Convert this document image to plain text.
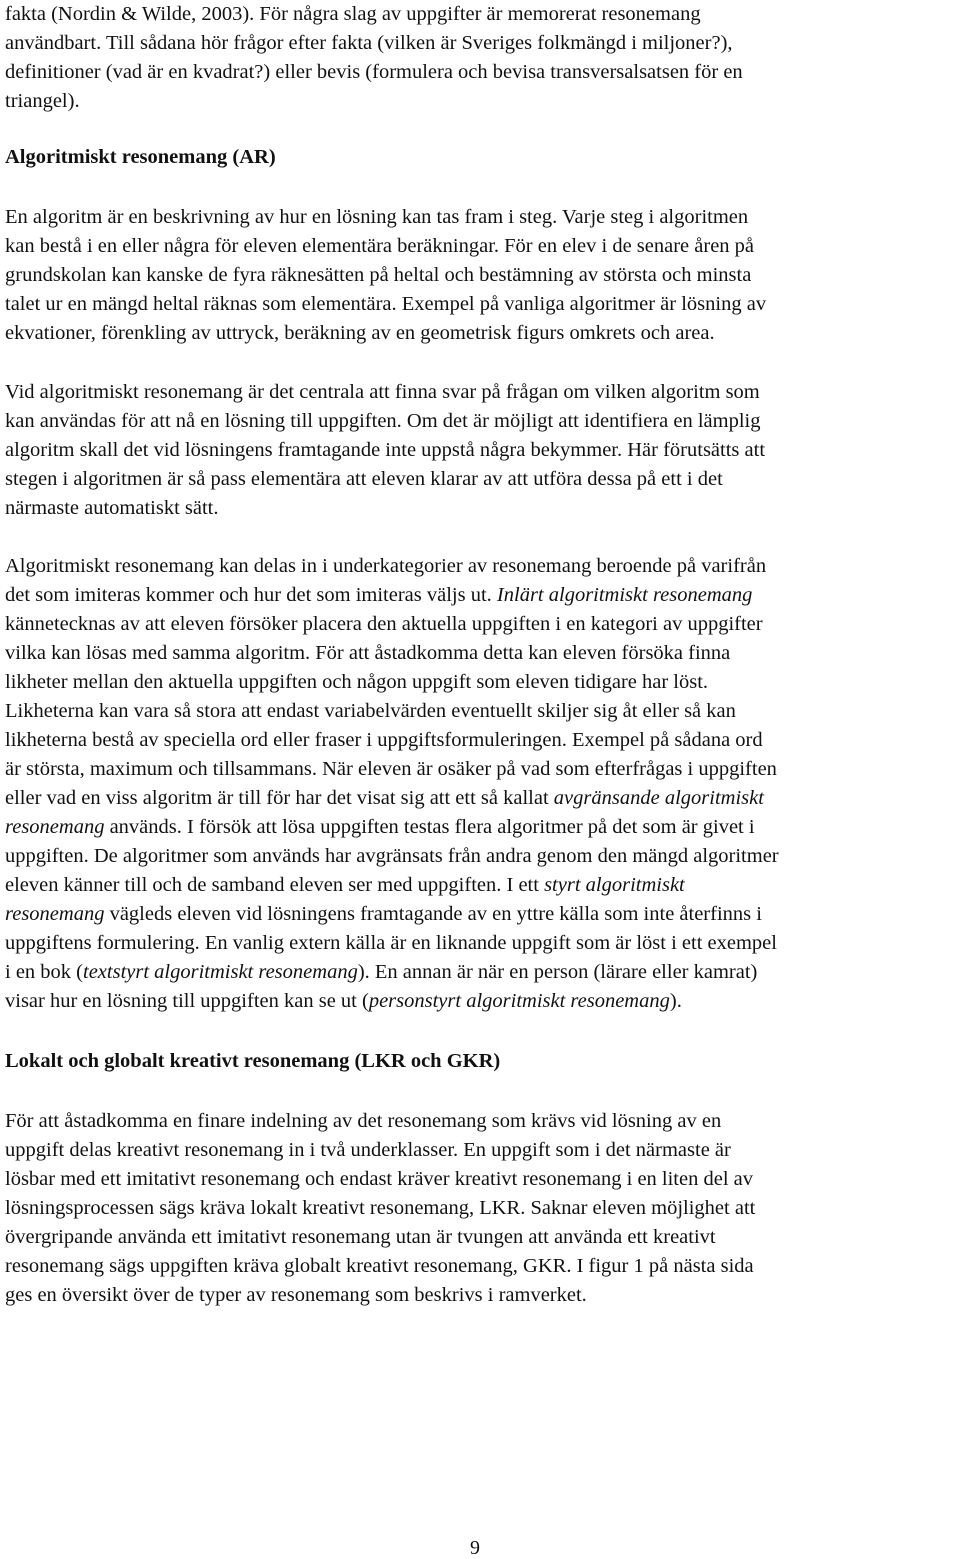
fakta (Nordin & Wilde, 2003). För några slag av uppgifter är memorerat resonemang
användbart. Till sådana hör frågor efter fakta (vilken är Sveriges folkmängd i miljoner?),
definitioner (vad är en kvadrat?) eller bevis (formulera och bevisa transversalsatsen för en
triangel).

Algoritmiskt resonemang (AR)

En algoritm är en beskrivning av hur en lösning kan tas fram i steg. Varje steg i algoritmen
kan bestå i en eller några för eleven elementära beräkningar. För en elev i de senare åren på
grundskolan kan kanske de fyra räknesätten på heltal och bestämning av största och minsta
talet ur en mängd heltal räknas som elementära. Exempel på vanliga algoritmer är lösning av
ekvationer, förenkling av uttryck, beräkning av en geometrisk figurs omkrets och area.

Vid algoritmiskt resonemang är det centrala att finna svar på frågan om vilken algoritm som
kan användas för att nå en lösning till uppgiften. Om det är möjligt att identifiera en lämplig
algoritm skall det vid lösningens framtagande inte uppstå några bekymmer. Här förutsätts att
stegen i algoritmen är så pass elementära att eleven klarar av att utföra dessa på ett i det
närmaste automatiskt sätt.

Algoritmiskt resonemang kan delas in i underkategorier av resonemang beroende på varifrån
det som imiteras kommer och hur det som imiteras väljs ut. Inlärt algoritmiskt resonemang
kännetecknas av att eleven försöker placera den aktuella uppgiften i en kategori av uppgifter
vilka kan lösas med samma algoritm. För att åstadkomma detta kan eleven försöka finna
likheter mellan den aktuella uppgiften och någon uppgift som eleven tidigare har löst.
Likheterna kan vara så stora att endast variabelvärden eventuellt skiljer sig åt eller så kan
likheterna bestå av speciella ord eller fraser i uppgiftsformuleringen. Exempel på sådana ord
är största, maximum och tillsammans. När eleven är osäker på vad som efterfrågas i uppgiften
eller vad en viss algoritm är till för har det visat sig att ett så kallat avgränsande algoritmiskt
resonemang används. I försök att lösa uppgiften testas flera algoritmer på det som är givet i
uppgiften. De algoritmer som används har avgränsats från andra genom den mängd algoritmer
eleven känner till och de samband eleven ser med uppgiften. I ett styrt algoritmiskt
resonemang vägleds eleven vid lösningens framtagande av en yttre källa som inte återfinns i
uppgiftens formulering. En vanlig extern källa är en liknande uppgift som är löst i ett exempel
i en bok (textstyrt algoritmiskt resonemang). En annan är när en person (lärare eller kamrat)
visar hur en lösning till uppgiften kan se ut (personstyrt algoritmiskt resonemang).

Lokalt och globalt kreativt resonemang (LKR och GKR)

För att åstadkomma en finare indelning av det resonemang som krävs vid lösning av en
uppgift delas kreativt resonemang in i två underklasser. En uppgift som i det närmaste är
lösbar med ett imitativt resonemang och endast kräver kreativt resonemang i en liten del av
lösningsprocessen sägs kräva lokalt kreativt resonemang, LKR. Saknar eleven möjlighet att
övergripande använda ett imitativt resonemang utan är tvungen att använda ett kreativt
resonemang sägs uppgiften kräva globalt kreativt resonemang, GKR. I figur 1 på nästa sida
ges en översikt över de typer av resonemang som beskrivs i ramverket.

9
